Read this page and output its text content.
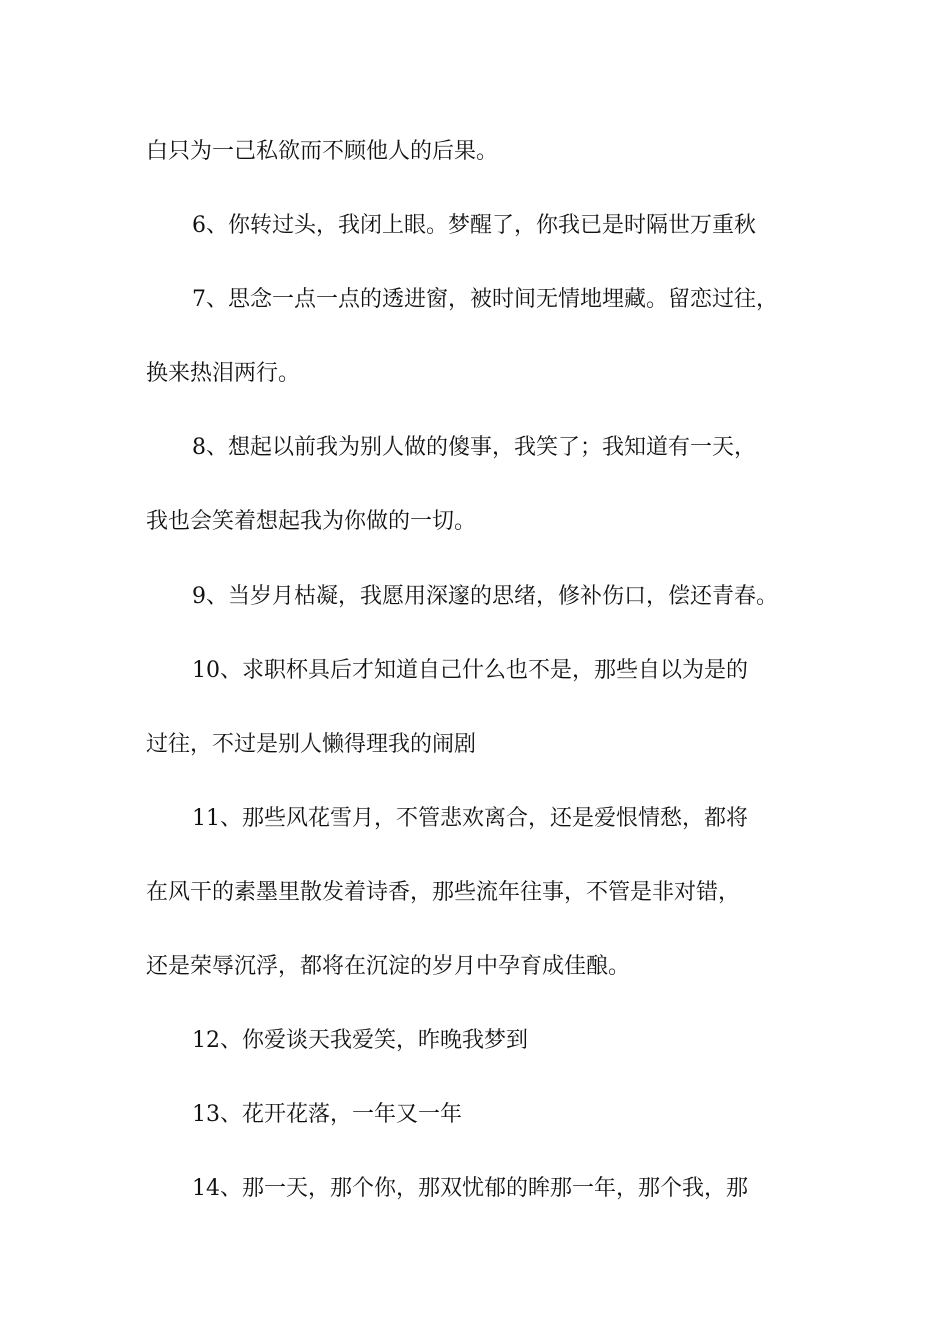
白只为一己私欲而不顾他人的后果。
6、你转过头，我闭上眼。梦醒了，你我已是时隔世万重秋
7、思念一点一点的透进窗，被时间无情地埋藏。留恋过往，
换来热泪两行。
8、想起以前我为别人做的傻事，我笑了；我知道有一天，
我也会笑着想起我为你做的一切。
9、当岁月枯凝，我愿用深邃的思绪，修补伤口，偿还青春。
10、求职杯具后才知道自己什么也不是，那些自以为是的
过往，不过是别人懒得理我的闹剧
11、那些风花雪月，不管悲欢离合，还是爱恨情愁，都将
在风干的素墨里散发着诗香，那些流年往事，不管是非对错，
还是荣辱沉浮，都将在沉淀的岁月中孕育成佳酿。
12、你爱谈天我爱笑，昨晚我梦到
13、花开花落，一年又一年
14、那一天，那个你，那双忧郁的眸那一年，那个我，那
